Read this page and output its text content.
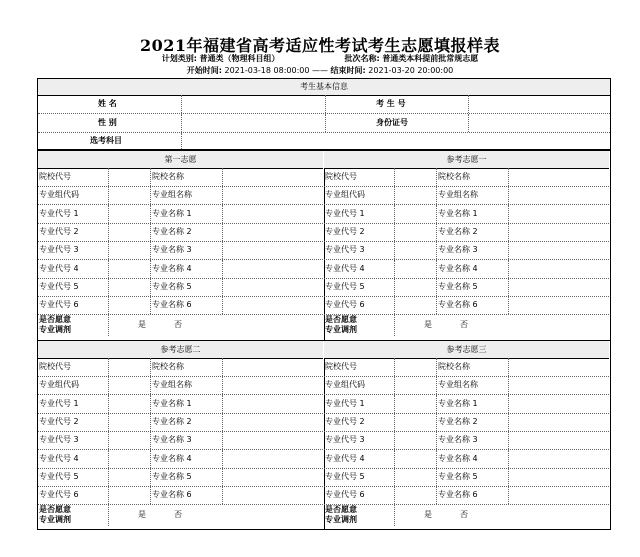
2021年福建省高考适应性考试考生志愿填报样表
计划类别: 普通类（物理科目组）	批次名称: 普通类本科提前批常规志愿
开始时间: 2021-03-18 08:00:00 —— 结束时间: 2021-03-20 20:00:00
考生基本信息
姓 名	考 生 号
性 别	身份证号
选考科目
第一志愿
院校代号	院校名称
专业组代码	专业组名称
专业代号 1	专业名称 1
专业代号 2	专业名称 2
专业代号 3	专业名称 3
专业代号 4	专业名称 4
专业代号 5	专业名称 5
专业代号 6	专业名称 6
是否愿意
专业调剂
是	否
参考志愿一
院校代号	院校名称
专业组代码	专业组名称
专业代号 1	专业名称 1
专业代号 2	专业名称 2
专业代号 3	专业名称 3
专业代号 4	专业名称 4
专业代号 5	专业名称 5
专业代号 6	专业名称 6
是否愿意
专业调剂
是	否
参考志愿二
院校代号	院校名称
专业组代码	专业组名称
专业代号 1	专业名称 1
专业代号 2	专业名称 2
专业代号 3	专业名称 3
专业代号 4	专业名称 4
专业代号 5	专业名称 5
专业代号 6	专业名称 6
是否愿意
专业调剂
是	否
参考志愿三
院校代号	院校名称
专业组代码	专业组名称
专业代号 1	专业名称 1
专业代号 2	专业名称 2
专业代号 3	专业名称 3
专业代号 4	专业名称 4
专业代号 5	专业名称 5
专业代号 6	专业名称 6
是否愿意
专业调剂
是	否
